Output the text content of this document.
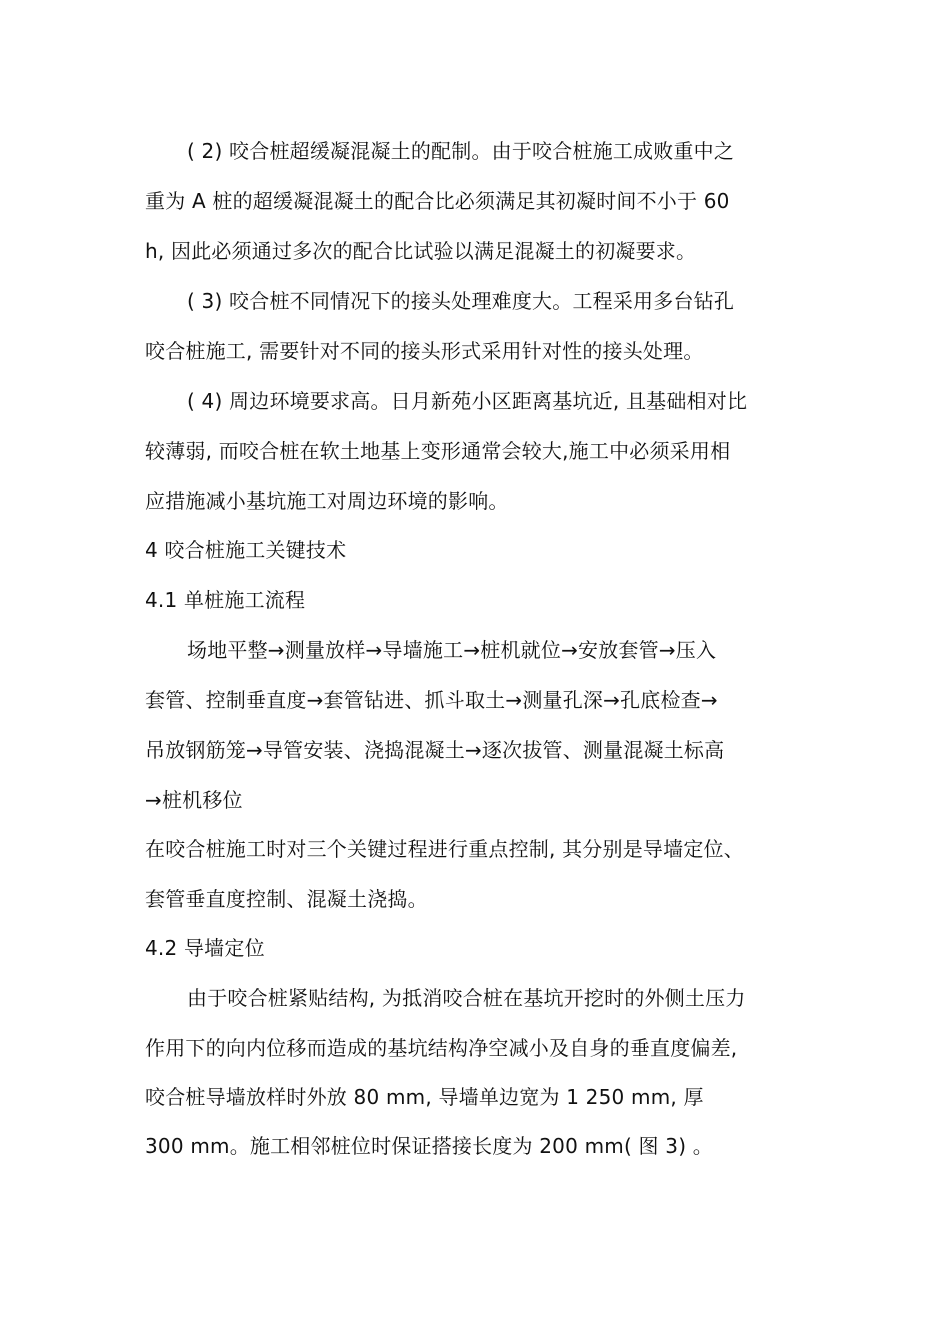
( 2) 咬合桩超缓凝混凝土的配制。由于咬合桩施工成败重中之
重为 A 桩的超缓凝混凝土的配合比必须满足其初凝时间不小于 60
h, 因此必须通过多次的配合比试验以满足混凝土的初凝要求。
( 3) 咬合桩不同情况下的接头处理难度大。工程采用多台钻孔
咬合桩施工, 需要针对不同的接头形式采用针对性的接头处理。
( 4) 周边环境要求高。日月新苑小区距离基坑近, 且基础相对比
较薄弱, 而咬合桩在软土地基上变形通常会较大,施工中必须采用相
应措施减小基坑施工对周边环境的影响。
4 咬合桩施工关键技术
4.1 单桩施工流程
场地平整→测量放样→导墙施工→桩机就位→安放套管→压入
套管、控制垂直度→套管钻进、抓斗取土→测量孔深→孔底检查→
吊放钢筋笼→导管安装、浇捣混凝土→逐次拔管、测量混凝土标高
→桩机移位
在咬合桩施工时对三个关键过程进行重点控制, 其分别是导墙定位、
套管垂直度控制、混凝土浇捣。
4.2 导墙定位
由于咬合桩紧贴结构, 为抵消咬合桩在基坑开挖时的外侧土压力
作用下的向内位移而造成的基坑结构净空减小及自身的垂直度偏差,
咬合桩导墙放样时外放 80 mm, 导墙单边宽为 1 250 mm, 厚
300 mm。施工相邻桩位时保证搭接长度为 200 mm( 图 3) 。
